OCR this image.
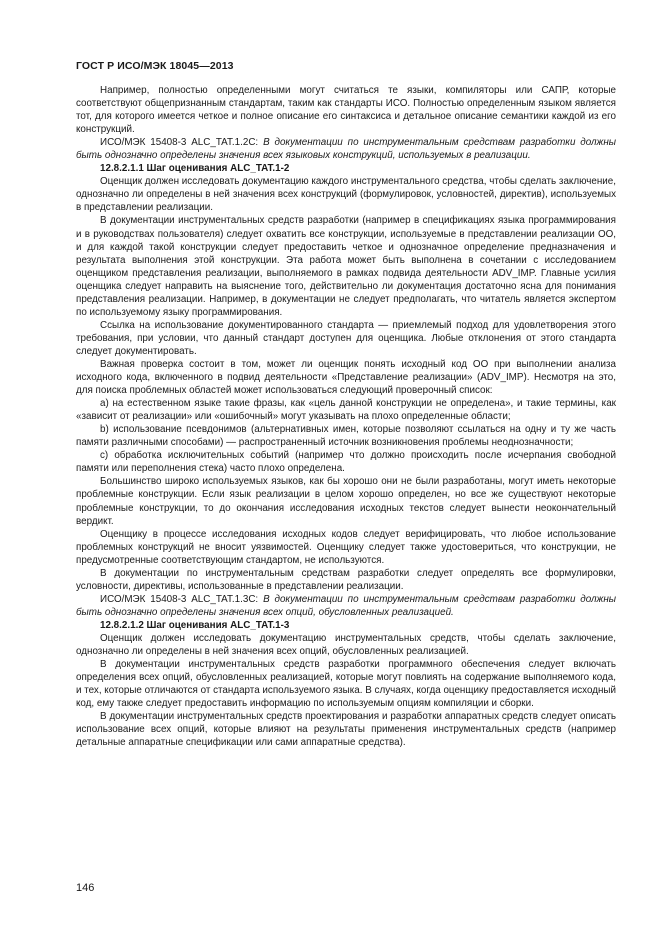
ГОСТ Р ИСО/МЭК 18045—2013

Например, полностью определенными могут считаться те языки, компиляторы или САПР, которые соответствуют общепризнанным стандартам, таким как стандарты ИСО. Полностью определенным языком является тот, для которого имеется четкое и полное описание его синтаксиса и детальное описание семантики каждой из его конструкций.

ИСО/МЭК 15408-3 ALC_TAT.1.2C: В документации по инструментальным средствам разработки должны быть однозначно определены значения всех языковых конструкций, используемых в реализации.

12.8.2.1.1 Шаг оценивания ALC_TAT.1-2

Оценщик должен исследовать документацию каждого инструментального средства, чтобы сделать заключение, однозначно ли определены в ней значения всех конструкций (формулировок, условностей, директив), используемых в представлении реализации.

В документации инструментальных средств разработки (например в спецификациях языка программирования и в руководствах пользователя) следует охватить все конструкции, используемые в представлении реализации ОО, и для каждой такой конструкции следует предоставить четкое и однозначное определение предназначения и результата выполнения этой конструкции. Эта работа может быть выполнена в сочетании с исследованием оценщиком представления реализации, выполняемого в рамках подвида деятельности ADV_IMP. Главные усилия оценщика следует направить на выяснение того, действительно ли документация достаточно ясна для понимания представления реализации. Например, в документации не следует предполагать, что читатель является экспертом по используемому языку программирования.

Ссылка на использование документированного стандарта — приемлемый подход для удовлетворения этого требования, при условии, что данный стандарт доступен для оценщика. Любые отклонения от этого стандарта следует документировать.

Важная проверка состоит в том, может ли оценщик понять исходный код ОО при выполнении анализа исходного кода, включенного в подвид деятельности «Представление реализации» (ADV_IMP). Несмотря на это, для поиска проблемных областей может использоваться следующий проверочный список:

а) на естественном языке такие фразы, как «цель данной конструкции не определена», и такие термины, как «зависит от реализации» или «ошибочный» могут указывать на плохо определенные области;

b) использование псевдонимов (альтернативных имен, которые позволяют ссылаться на одну и ту же часть памяти различными способами) — распространенный источник возникновения проблемы неоднозначности;

с) обработка исключительных событий (например что должно происходить после исчерпания свободной памяти или переполнения стека) часто плохо определена.

Большинство широко используемых языков, как бы хорошо они не были разработаны, могут иметь некоторые проблемные конструкции. Если язык реализации в целом хорошо определен, но все же существуют некоторые проблемные конструкции, то до окончания исследования исходных текстов следует вынести неокончательный вердикт.

Оценщику в процессе исследования исходных кодов следует верифицировать, что любое использование проблемных конструкций не вносит уязвимостей. Оценщику следует также удостовериться, что конструкции, не предусмотренные соответствующим стандартом, не используются.

В документации по инструментальным средствам разработки следует определять все формулировки, условности, директивы, использованные в представлении реализации.

ИСО/МЭК 15408-3 ALC_TAT.1.3C: В документации по инструментальным средствам разработки должны быть однозначно определены значения всех опций, обусловленных реализацией.

12.8.2.1.2 Шаг оценивания ALC_TAT.1-3

Оценщик должен исследовать документацию инструментальных средств, чтобы сделать заключение, однозначно ли определены в ней значения всех опций, обусловленных реализацией.

В документации инструментальных средств разработки программного обеспечения следует включать определения всех опций, обусловленных реализацией, которые могут повлиять на содержание выполняемого кода, и тех, которые отличаются от стандарта используемого языка. В случаях, когда оценщику предоставляется исходный код, ему также следует предоставить информацию по используемым опциям компиляции и сборки.

В документации инструментальных средств проектирования и разработки аппаратных средств следует описать использование всех опций, которые влияют на результаты применения инструментальных средств (например детальные аппаратные спецификации или сами аппаратные средства).

146
